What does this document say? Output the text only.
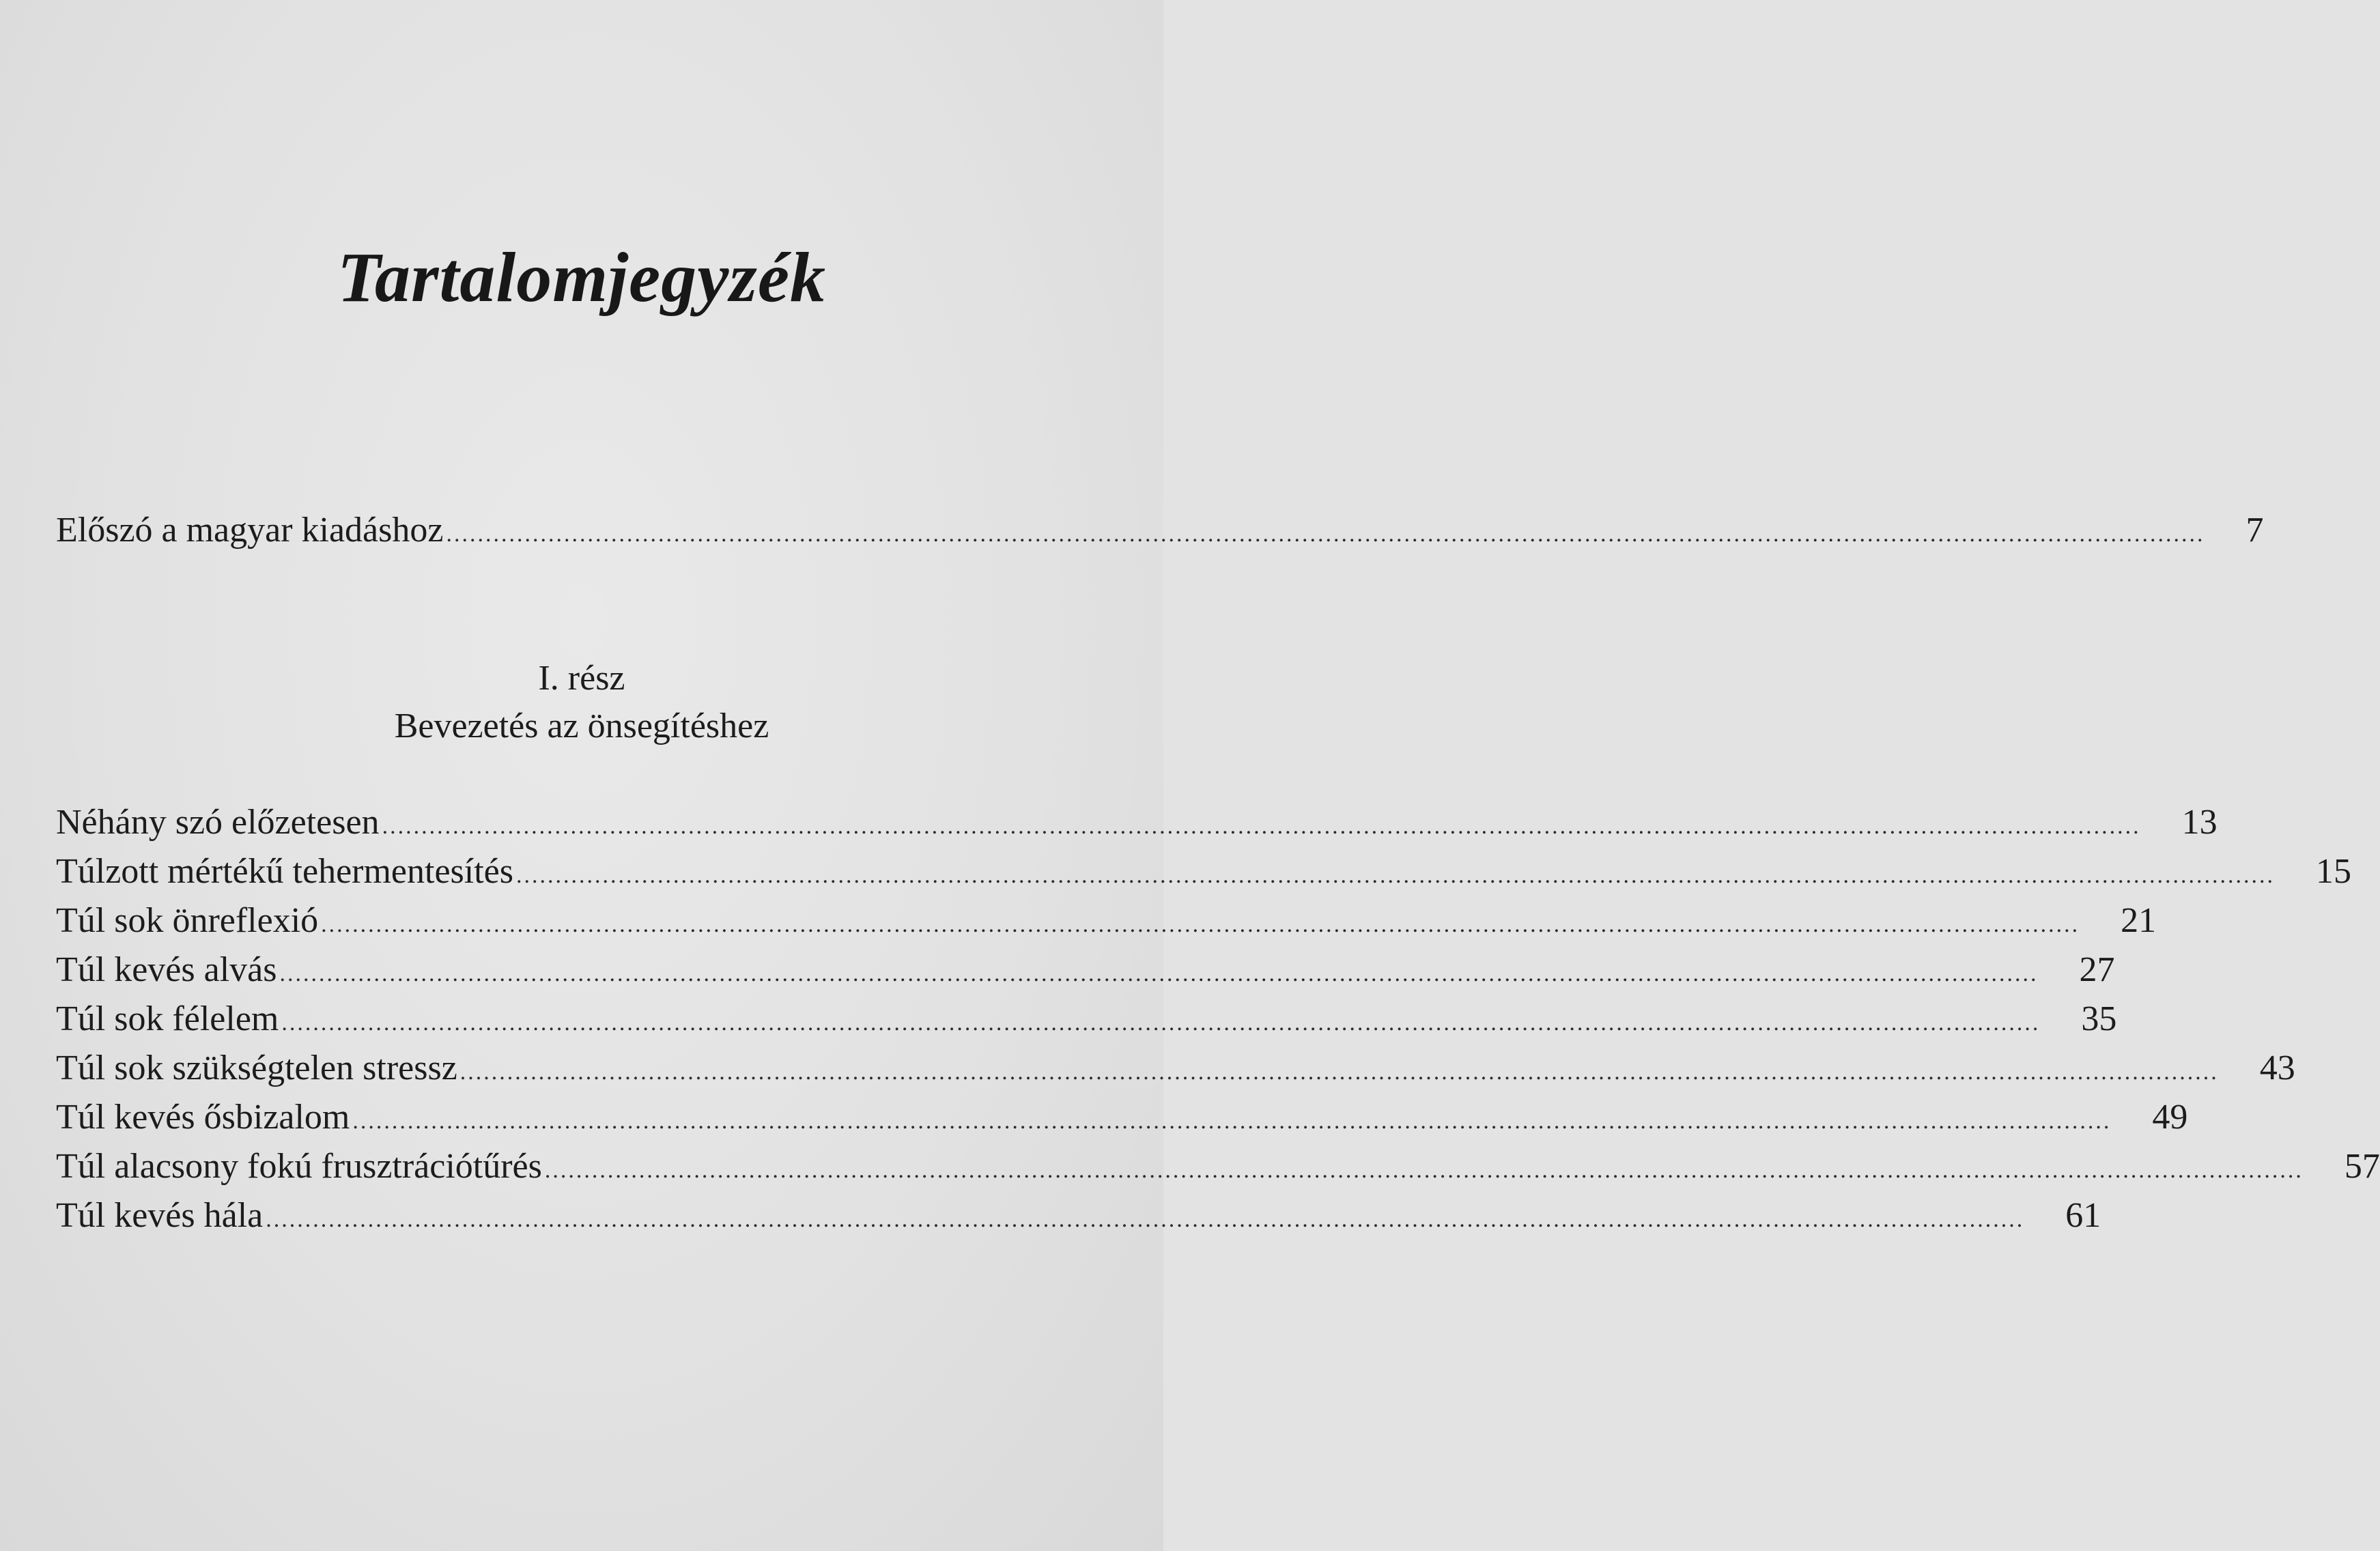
Tartalomjegyzék
Előszó a magyar kiadáshoz ................................................................................................................................................................................................................................ 7
I. rész
Bevezetés az önsegítéshez
Néhány szó előzetesen ................................................................................................................................................................................................................................ 13
Túlzott mértékű tehermentesítés ................................................................................................................................................................................................................................ 15
Túl sok önreflexió ................................................................................................................................................................................................................................ 21
Túl kevés alvás ................................................................................................................................................................................................................................ 27
Túl sok félelem ................................................................................................................................................................................................................................ 35
Túl sok szükségtelen stressz ................................................................................................................................................................................................................................ 43
Túl kevés ősbizalom ................................................................................................................................................................................................................................ 49
Túl alacsony fokú frusztrációtűrés ................................................................................................................................................................................................................................ 57
Túl kevés hála ................................................................................................................................................................................................................................ 61
